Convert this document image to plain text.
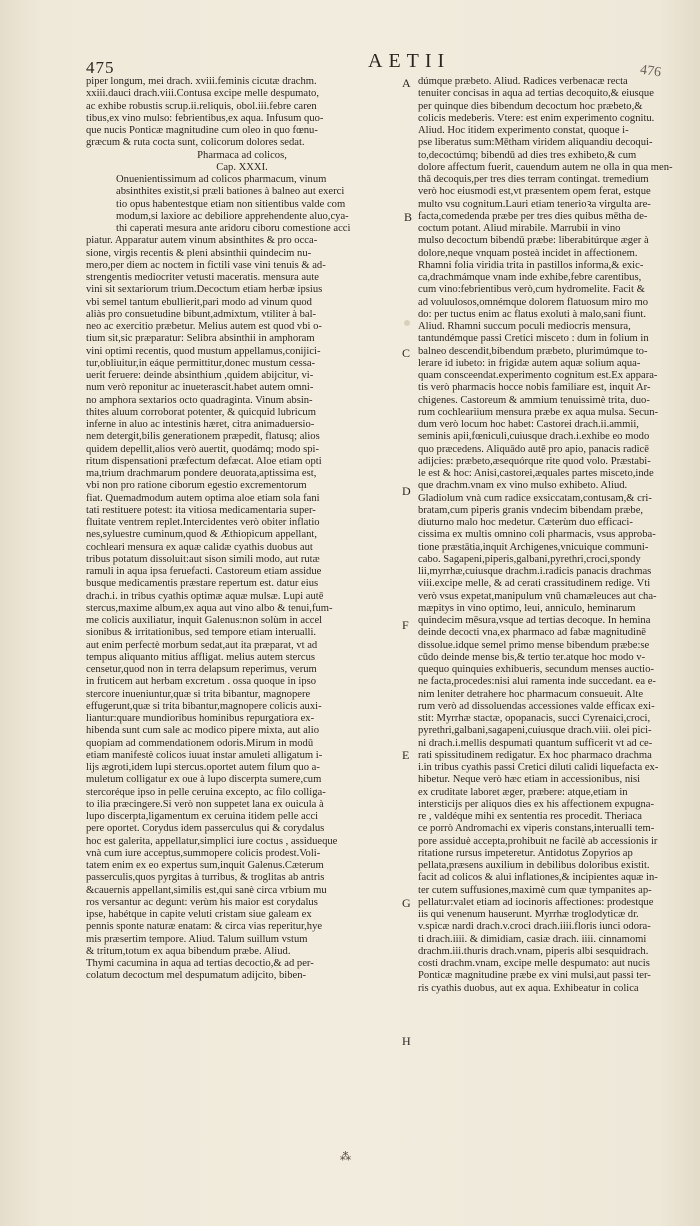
475	AETII	476
piper longum, mei drach. xviii.feminis cicutæ drachm.
xxiii.dauci drach.viii.Contusa excipe melle despumato,
ac exhibe robustis scrup.ii.reliquis, obol.iii.febre caren
tibus,ex vino mulso: febrientibus,ex aqua. Infusum quo-
que nucis Ponticæ magnitudine cum oleo in quo fœnu-
græcum & ruta cocta sunt, colicorum dolores sedat.
Pharmaca ad colicos,
Cap. XXXI.
Onuenientissimum ad colicos pharmacum, vinum
absinthites existit,si præli bationes à balneo aut exerci
tio opus habentestque etiam non sitientibus valde com
modum,si laxiore ac debiliore apprehendente aluo,cya-
thi caperati mesura ante aridoru ciboru comestione acci
piatur. Apparatur autem vinum absinthites & pro occa-
sione, virgis recentis & pleni absinthii quindecim nu-
mero,per diem ac noctem in fictili vase vini tenuis & ad-
strengentis mediocriter vetusti maceratis. mensura aute
vini sit sextariorum trium.Decoctum etiam herbæ ipsius
vbi semel tantum ebullierit,pari modo ad vinum quod
aliàs pro consuetudine bibunt,admixtum, vtiliter à bal-
neo ac exercitio præbetur. Melius autem est quod vbi o-
tium sit,sic præparatur: Selibra absinthii in amphoram
vini optimi recentis, quod mustum appellamus,conijici-
tur,obliuitur,in eáque permittitur,donec mustum cessa-
uerit feruere: deinde absinthium ,quidem abijcitur, vi-
num verò reponitur ac inueterascit.habet autem omni-
no amphora sextarios octo quadraginta. Vinum absin-
thites aluum corroborat potenter, & quicquid lubricum
inferne in aluo ac intestinis hæret, citra animaduersio-
nem detergit,bilis generationem præpedit, flatusq; alios
quidem depellit,alios verò auertit, quodámq; modo spi-
ritum dispensationi præfectum defæcat. Aloe etiam opti
ma,trium drachmarum pondere deuorata,aptissima est,
vbi non pro ratione ciborum egestio excrementorum
fiat. Quemadmodum autem optima aloe etiam sola fani
tati restituere potest: ita vitiosa medicamentaria super-
fluitate ventrem replet.Intercidentes verò obiter inflatio
nes,syluestre cuminum,quod & Æthiopicum appellant,
cochleari mensura ex aquæ calidæ cyathis duobus aut
tribus potatum dissoluit:aut sison simili modo, aut rutæ
ramuli in aqua ipsa feruefacti. Castoreum etiam assidue
busque medicamentis præstare repertum est. datur eius
drach.i. in tribus cyathis optimæ aquæ mulsæ. Lupi autē
stercus,maxime album,ex aqua aut vino albo & tenui,fum-
me colicis auxiliatur, inquit Galenus:non solùm in accel
sionibus & irritationibus, sed tempore etiam interualli.
aut enim perfectè morbum sedat,aut ita præparat, vt ad
tempus aliquanto mitius affligat. melius autem stercus
censetur,quod non in terra delapsum reperimus, verum
in fruticem aut herbam excretum . ossa quoque in ipso
stercore inueniuntur,quæ si trita bibantur, magnopere
effugerunt,quæ si trita bibantur,magnopere colicis auxi-
liantur:quare mundioribus hominibus repurgatiora ex-
hibenda sunt cum sale ac modico pipere mixta, aut alio
quopiam ad commendationem odoris.Mirum in modū
etiam manifestè colicos iuuat instar amuleti alligatum i-
lijs ægroti,idem lupi stercus.oportet autem filum quo a-
muletum colligatur ex oue à lupo discerpta sumere,cum
stercoréque ipso in pelle ceruina excepto, ac filo colliga-
to ilia præcingere.Si verò non suppetet lana ex ouicula à
lupo discerpta,ligamentum ex ceruina itidem pelle acci
pere oportet. Corydus idem passerculus qui & corydalus
hoc est galerita, appellatur,simplici iure coctus , assidueque
vnà cum iure acceptus,summopere colicis prodest.Voli-
tatem enim ex eo expertus sum,inquit Galenus.Cæterum
passerculis,quos pyrgitas à turribus, & troglitas ab antris
&cauernis appellant,similis est,qui sanè circa vrbium mu
ros versantur ac degunt: verùm his maior est corydalus
ipse, habétque in capite veluti cristam siue galeam ex
pennis sponte naturæ enatam: & circa vias reperitur,hye
mis præsertim tempore. Aliud. Talum suillum vstum
& tritum,totum ex aqua bibendum præbe. Aliud.
Thymi cacumina in aqua ad tertias decoctio,& ad per-
colatum decoctum mel despumatum adijcito, biben-
dúmque præbeto. Aliud. Radices verbenacæ recta
tenuiter concisas in aqua ad tertias decoquito,& eiusque
per quinque dies bibendum decoctum hoc præbeto,&
colicis medeberis. Vtere: est enim experimento cognitu.
Aliud. Hoc itidem experimento constat, quoque i-
pse liberatus sum:Mētham viridem aliquandiu decoqui-
to,decoctúmq; bibendū ad dies tres exhibeto,& cum
dolore affectum fuerit, cauendum autem ne olla in qua men-
thā decoquis,per tres dies terram contingat. tremedium
verò hoc eiusmodi est,vt præsentem opem ferat, estque
multo vsu cognitum.Lauri etiam tenerioꝛa virgulta are-
facta,comedenda præbe per tres dies quibus mētha de-
coctum potant. Aliud mirabile. Marrubii in vino
mulso decoctum bibendū præbe: liberabitúrque æger à
dolore,neque vnquam posteà incidet in affectionem.
Rhamni folia viridia trita in pastillos informa,& exic-
ca,drachmámque vnam inde exhibe,febre carentibus,
cum vino:febrientibus verò,cum hydromelite. Facit &
ad voluulosos,omnémque dolorem flatuosum miro mo
do: per tuctus enim ac flatus exoluti à malo,sani fiunt.
Aliud. Rhamni succum poculi mediocris mensura,
tantundémque passi Cretici misceto : dum in folium in
balneo descendit,bibendum præbeto, plurimúmque to-
lerare id iubeto: in frigidæ autem aquæ solium aqua-
quam consceendat.experimento cognitum est.Ex appara-
tis verò pharmacis hocce nobis familiare est, inquit Ar-
chigenes. Castoreum & ammium tenuissimè trita, duo-
rum cochleariium mensura præbe ex aqua mulsa. Secun-
dum verò locum hoc habet: Castorei drach.ii.ammii,
seminis apii,fœniculi,cuiusque drach.i.exhibe eo modo
quo præcedens. Aliquādo autē pro apio, panacis radicē
adijcies: præbeto,æsequórque rite quod volo. Præstabi-
le est & hoc: Anisi,castorei,æquales partes misceto,inde
que drachm.vnam ex vino mulso exhibeto. Aliud.
Gladiolum vnà cum radice exsiccatam,contusam,& cri-
bratam,cum piperis granis vndecim bibendam præbe,
diuturno malo hoc medetur. Cæterùm duo efficaci-
cissima ex multis omnino coli pharmacis, vsus approba-
tione præstātia,inquit Archigenes,vnicuique communi-
cabo. Sagapeni,piperis,galbani,pyrethri,croci,spondy
lii,myrrhæ,cuiusque drachm.i.radicis panacis drachmas
viii.excipe melle, & ad cerati crassitudinem redige. Vti
verò vsus expetat,manipulum vnū chamæleuces aut cha-
mæpitys in vino optimo, leui, anniculo, heminarum
quindecim mēsura,vsque ad tertias decoque. In hemina
deinde decocti vna,ex pharmaco ad fabæ magnitudinē
dissolue.idque semel primo mense bibendum præbe:se
cūdo deinde mense bis,& tertio ter.atque hoc modo v-
quequo quinquies exhibueris, secundum menses auctio-
ne facta,procedes:nisi alui ramenta inde succedant. ea e-
nim leniter detrahere hoc pharmacum consueuit. Alte
rum verò ad dissoluendas accessiones valde efficax exi-
stit: Myrrhæ stactæ, opopanacis, succi Cyrenaici,croci,
pyrethri,galbani,sagapeni,cuiusque drach.viii. olei pici-
ni drach.i.mellis despumati quantum sufficerit vt ad ce-
rati spissitudinem redigatur. Ex hoc pharmaco drachma
i.in tribus cyathis passi Cretici diluti calidi liquefacta ex-
hibetur. Neque verò hæc etiam in accessionibus, nisi
ex cruditate laboret æger, præbere: atque,etiam in
intersticijs per aliquos dies ex his affectionem expugna-
re , valdéque mihi ex sententia res procedit. Theriaca
ce porrò Andromachi ex viperis constans,interualli tem-
pore assiduè accepta,prohibuit ne facilè ab accessionis ir
ritatione rursus impeteretur. Antidotus Zopyrios ap
pellata,præsens auxilium in debilibus doloribus existit.
facit ad colicos & alui inflationes,& incipientes aquæ in-
ter cutem suffusiones,maximè cum quæ tympanites ap-
pellatur:valet etiam ad iocinoris affectiones: prodestque
iis qui venenum hauserunt. Myrrhæ troglodyticæ dr.
v.spicæ nardi drach.v.croci drach.iiii.floris iunci odora-
ti drach.iiii. & dimidiam, casiæ drach. iiii. cinnamomi
drachm.iii.thuris drach.vnam, piperis albi sesquidrach.
costi drachm.vnam, excipe melle despumato: aut nucis
Ponticæ magnitudine præbe ex vini mulsi,aut passi ter-
ris cyathis duobus, aut ex aqua. Exhibeatur in colica
A
B
C
D
E
F
G
H
⁂
